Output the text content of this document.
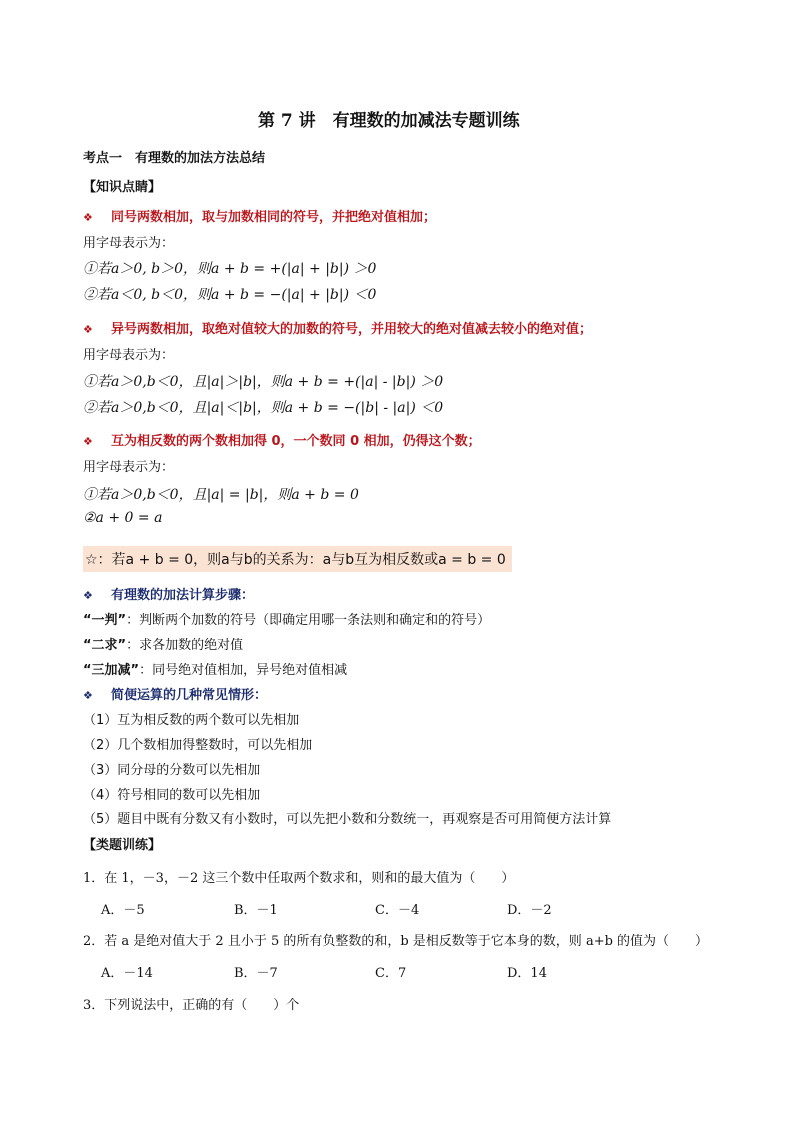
第 7 讲　有理数的加减法专题训练
考点一　有理数的加法方法总结
【知识点睛】
❖ 同号两数相加，取与加数相同的符号，并把绝对值相加；
用字母表示为：
①若a＞0, b＞0，则a + b = +(|a| + |b|) ＞0
②若a＜0, b＜0，则a + b = −(|a| + |b|) ＜0
❖ 异号两数相加，取绝对值较大的加数的符号，并用较大的绝对值减去较小的绝对值；
用字母表示为：
①若a＞0,b＜0，且|a|＞|b|，则a + b = +(|a| - |b|) ＞0
②若a＞0,b＜0，且|a|＜|b|，则a + b = −(|b| - |a|) ＜0
❖ 互为相反数的两个数相加得 0，一个数同 0 相加，仍得这个数；
用字母表示为：
①若a＞0,b＜0，且|a| = |b|，则a + b = 0
②a + 0 = a
☆：若a + b = 0，则a与b的关系为：a与b互为相反数或a = b = 0
❖ 有理数的加法计算步骤：
“一判”：判断两个加数的符号（即确定用哪一条法则和确定和的符号）
“二求”：求各加数的绝对值
“三加减”：同号绝对值相加，异号绝对值相减
❖ 简便运算的几种常见情形：
（1）互为相反数的两个数可以先相加
（2）几个数相加得整数时，可以先相加
（3）同分母的分数可以先相加
（4）符号相同的数可以先相加
（5）题目中既有分数又有小数时，可以先把小数和分数统一，再观察是否可用简便方法计算
【类题训练】
1．在 1，－3，－2 这三个数中任取两个数求和，则和的最大值为（　　）
A．－5	B．－1	C．－4	D．－2
2．若 a 是绝对值大于 2 且小于 5 的所有负整数的和，b 是相反数等于它本身的数，则 a+b 的值为（　　）
A．－14	B．－7	C．7	D．14
3．下列说法中，正确的有（　　）个
